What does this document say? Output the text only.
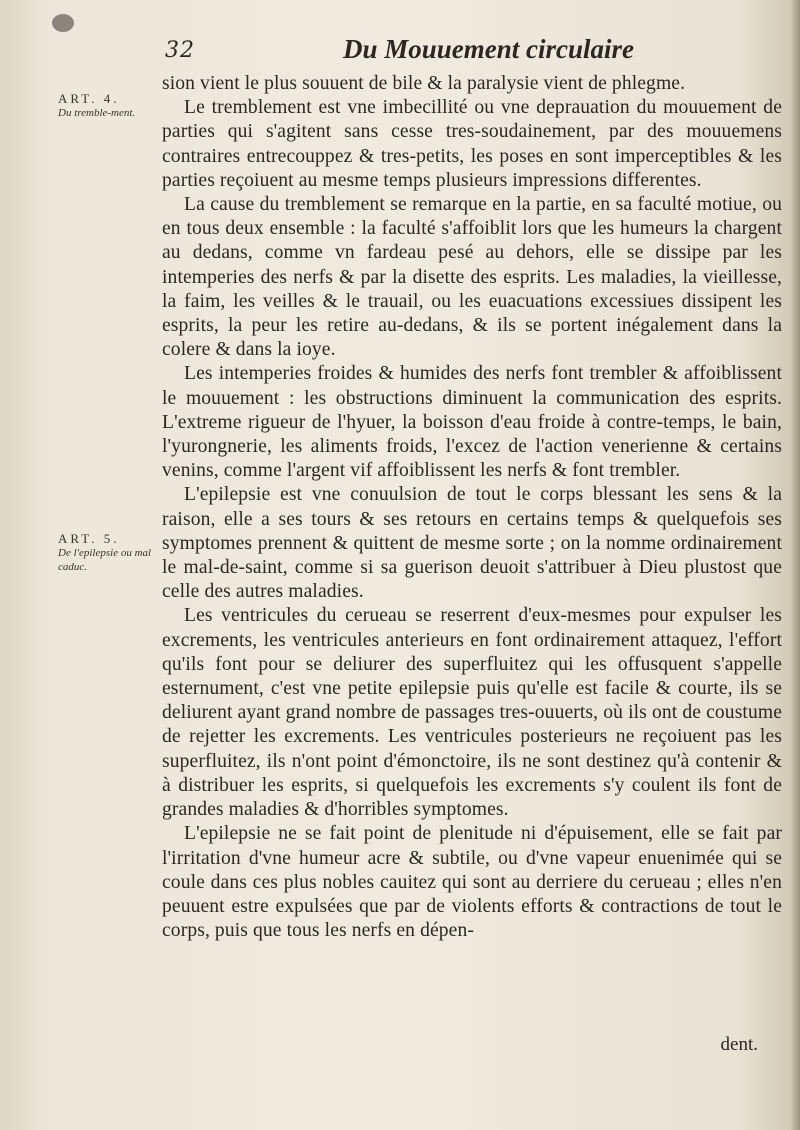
32	Du Mouuement circulaire
ART. 4.
Du tremble-ment.
ART. 5.
De l'epilepsie ou mal caduc.

sion vient le plus souuent de bile & la paralysie vient de phlegme.

Le tremblement est vne imbecillité ou vne deprauation du mouuement de parties qui s'agitent sans cesse tres-soudainement, par des mouuemens contraires entrecouppez & tres-petits, les poses en sont imperceptibles & les parties reçoiuent au mesme temps plusieurs impressions differentes.

La cause du tremblement se remarque en la partie, en sa faculté motiue, ou en tous deux ensemble : la faculté s'affoiblit lors que les humeurs la chargent au dedans, comme vn fardeau pesé au dehors, elle se dissipe par les intemperies des nerfs & par la disette des esprits. Les maladies, la vieillesse, la faim, les veilles & le trauail, ou les euacuations excessiues dissipent les esprits, la peur les retire au-dedans, & ils se portent inégalement dans la colere & dans la ioye.

Les intemperies froides & humides des nerfs font trembler & affoiblissent le mouuement : les obstructions diminuent la communication des esprits. L'extreme rigueur de l'hyuer, la boisson d'eau froide à contre-temps, le bain, l'yurongnerie, les aliments froids, l'excez de l'action venerienne & certains venins, comme l'argent vif affoiblissent les nerfs & font trembler.

L'epilepsie est vne conuulsion de tout le corps blessant les sens & la raison, elle a ses tours & ses retours en certains temps & quelquefois ses symptomes prennent & quittent de mesme sorte ; on la nomme ordinairement le mal-de-saint, comme si sa guerison deuoit s'attribuer à Dieu plustost que celle des autres maladies.

Les ventricules du cerueau se reserrent d'eux-mesmes pour expulser les excrements, les ventricules anterieurs en font ordinairement attaquez, l'effort qu'ils font pour se deliurer des superfluitez qui les offusquent s'appelle esternument, c'est vne petite epilepsie puis qu'elle est facile & courte, ils se deliurent ayant grand nombre de passages tres-ouuerts, où ils ont de coustume de rejetter les excrements. Les ventricules posterieurs ne reçoiuent pas les superfluitez, ils n'ont point d'émonctoire, ils ne sont destinez qu'à contenir & à distribuer les esprits, si quelquefois les excrements s'y coulent ils font de grandes maladies & d'horribles symptomes.

L'epilepsie ne se fait point de plenitude ni d'épuisement, elle se fait par l'irritation d'vne humeur acre & subtile, ou d'vne vapeur enuenimée qui se coule dans ces plus nobles cauitez qui sont au derriere du cerueau ; elles n'en peuuent estre expulsées que par de violents efforts & contractions de tout le corps, puis que tous les nerfs en dépen-

dent.
